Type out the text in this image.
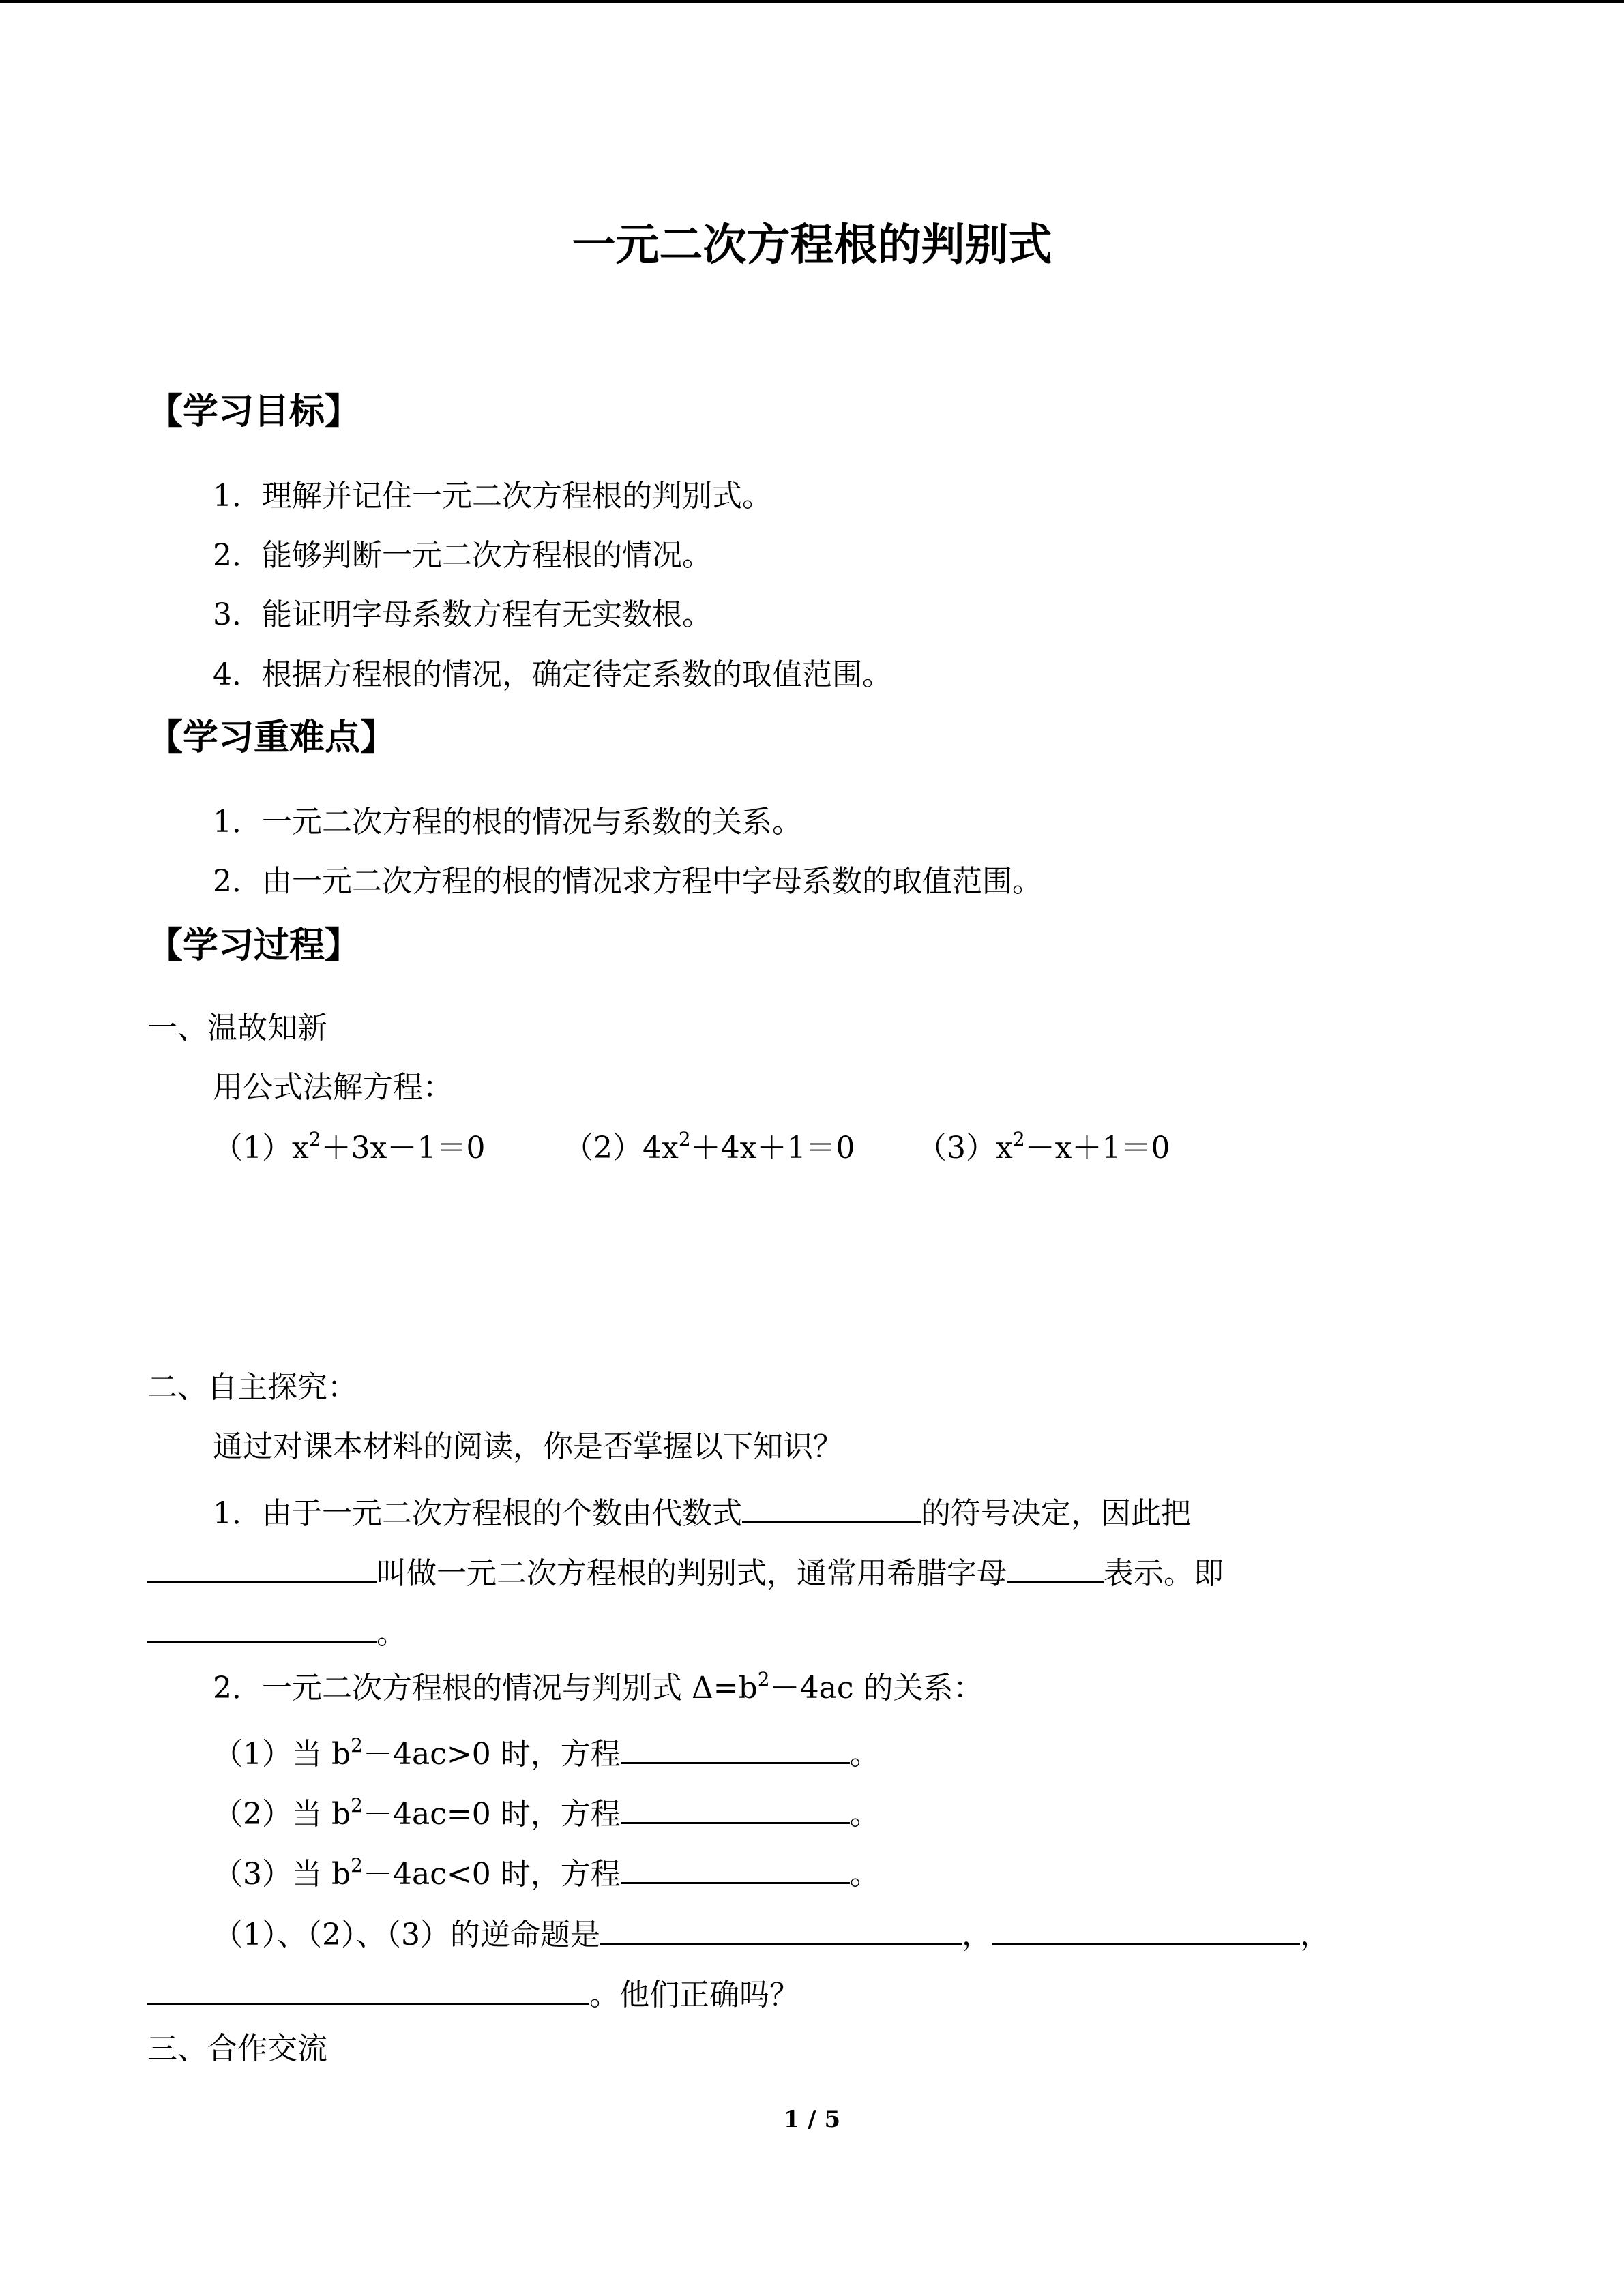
一元二次方程根的判别式
【学习目标】
1．理解并记住一元二次方程根的判别式。
2．能够判断一元二次方程根的情况。
3．能证明字母系数方程有无实数根。
4．根据方程根的情况，确定待定系数的取值范围。
【学习重难点】
1．一元二次方程的根的情况与系数的关系。
2．由一元二次方程的根的情况求方程中字母系数的取值范围。
【学习过程】
一、温故知新
用公式法解方程：
$(1)x^2+3x-1=0$	$(2)4x^2+4x+1=0$ $(3)x^2-x+1=0$
二、自主探究：
通过对课本材料的阅读，你是否掌握以下知识？
1．由于一元二次方程根的个数由代数式	的符号决定，因此把
叫做一元二次方程根的判别式，通常用希腊字母	表示。即
。
2．一元二次方程根的情况与判别式 $\Delta=b^2-4ac$ 的关系：
（1）当 $b^2-4ac>0$ 时，方程	。
（2）当 $b^2-4ac=0$ 时，方程	。
（3）当 $b^2-4ac<0$ 时，方程	。
（1）、（2）、（3）的逆命题是	，	，
。他们正确吗？
三、合作交流
1 / 5
